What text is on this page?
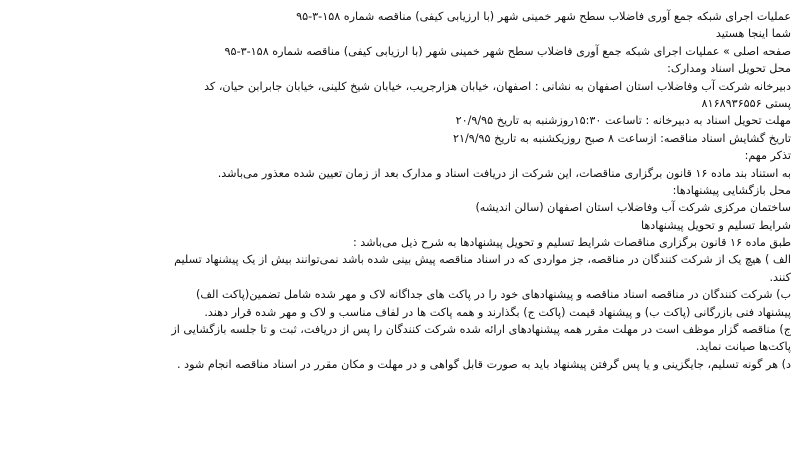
عملیات اجرای شبکه جمع آوری فاضلاب سطح شهر خمینی شهر (با ارزیابی کیفی) مناقصه شماره ۱۵۸-۳-۹۵
شما اینجا هستید
صفحه اصلی » عملیات اجرای شبکه جمع آوری فاضلاب سطح شهر خمینی شهر (با ارزیابی کیفی) مناقصه شماره ۱۵۸-۳-۹۵
محل تحویل اسناد ومدارک:
دبیرخانه شرکت آب وفاضلاب استان اصفهان به نشانی : اصفهان، خیابان هزارجریب، خیابان شیخ کلینی، خیابان جابرابن حیان، کد
پستی ۸۱۶۸۹۳۶۵۵۶
مهلت تحویل اسناد به دبیرخانه : تاساعت ۱۵:۳۰روزشنبه به تاریخ ۲۰/۹/۹۵
تاریخ گشایش اسناد مناقصه: ازساعت ۸ صبح روزیکشنبه به تاریخ ۲۱/۹/۹۵
تذکر مهم:
به استناد بند ماده ۱۶ قانون برگزاری مناقصات، این شرکت از دریافت اسناد و مدارک بعد از زمان تعیین شده معذور می‌باشد.
محل بازگشایی پیشنهادها:
ساختمان مرکزی شرکت آب وفاضلاب استان اصفهان (سالن اندیشه)
شرایط تسلیم و تحویل پیشنهادها
طبق ماده ۱۶ قانون برگزاری مناقصات شرایط تسلیم و تحویل پیشنهادها به شرح ذیل می‌باشد :
الف ) هیچ یک از شرکت کنندگان در مناقصه، جز مواردی که در اسناد مناقصه پیش بینی شده باشد نمی‌توانند بیش از یک پیشنهاد تسلیم
کنند.
ب) شرکت کنندگان در مناقصه اسناد مناقصه و پیشنهادهای خود را در پاکت های جداگانه لاک و مهر شده شامل تضمین(پاکت الف)
پیشنهاد فنی بازرگانی (پاکت ب) و پیشنهاد قیمت (پاکت ج) بگذارند و همه پاکت ها در لفاف مناسب و لاک و مهر شده قرار دهند.
ج) مناقصه گزار موظف است در مهلت مقرر همه پیشنهادهای ارائه شده شرکت کنندگان را پس از دریافت، ثبت و تا جلسه بازگشایی از
پاکت‌ها صیانت نماید.
د) هر گونه تسلیم، جایگزینی و یا پس گرفتن پیشنهاد باید به صورت قابل گواهی و در مهلت و مکان مقرر در اسناد مناقصه انجام شود .
